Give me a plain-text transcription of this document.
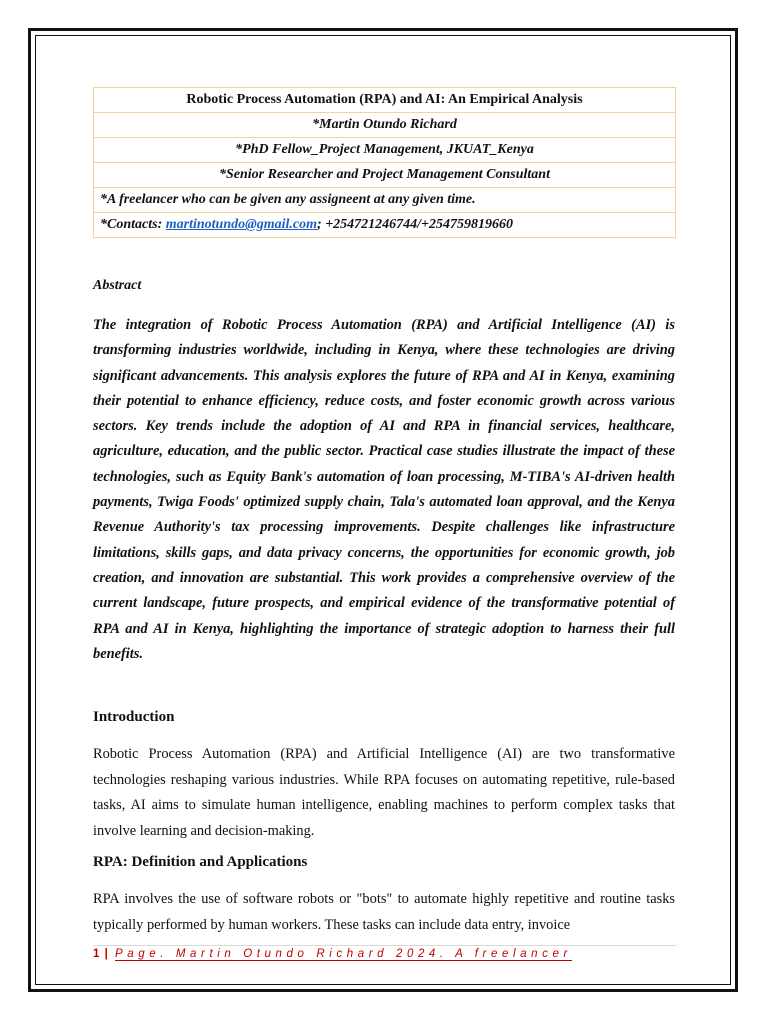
Robotic Process Automation (RPA) and AI: An Empirical Analysis
*Martin Otundo Richard
*PhD Fellow_Project Management, JKUAT_Kenya
*Senior Researcher and Project Management Consultant
*A freelancer who can be given any assigneent at any given time.
*Contacts: martinotundo@gmail.com; +254721246744/+254759819660

Abstract

The integration of Robotic Process Automation (RPA) and Artificial Intelligence (AI) is transforming industries worldwide, including in Kenya, where these technologies are driving significant advancements. This analysis explores the future of RPA and AI in Kenya, examining their potential to enhance efficiency, reduce costs, and foster economic growth across various sectors. Key trends include the adoption of AI and RPA in financial services, healthcare, agriculture, education, and the public sector. Practical case studies illustrate the impact of these technologies, such as Equity Bank's automation of loan processing, M-TIBA's AI-driven health payments, Twiga Foods' optimized supply chain, Tala's automated loan approval, and the Kenya Revenue Authority's tax processing improvements. Despite challenges like infrastructure limitations, skills gaps, and data privacy concerns, the opportunities for economic growth, job creation, and innovation are substantial. This work provides a comprehensive overview of the current landscape, future prospects, and empirical evidence of the transformative potential of RPA and AI in Kenya, highlighting the importance of strategic adoption to harness their full benefits.

Introduction

Robotic Process Automation (RPA) and Artificial Intelligence (AI) are two transformative technologies reshaping various industries. While RPA focuses on automating repetitive, rule-based tasks, AI aims to simulate human intelligence, enabling machines to perform complex tasks that involve learning and decision-making.

RPA: Definition and Applications

RPA involves the use of software robots or "bots" to automate highly repetitive and routine tasks typically performed by human workers. These tasks can include data entry, invoice

1 | Page. Martin Otundo Richard 2024. A freelancer
